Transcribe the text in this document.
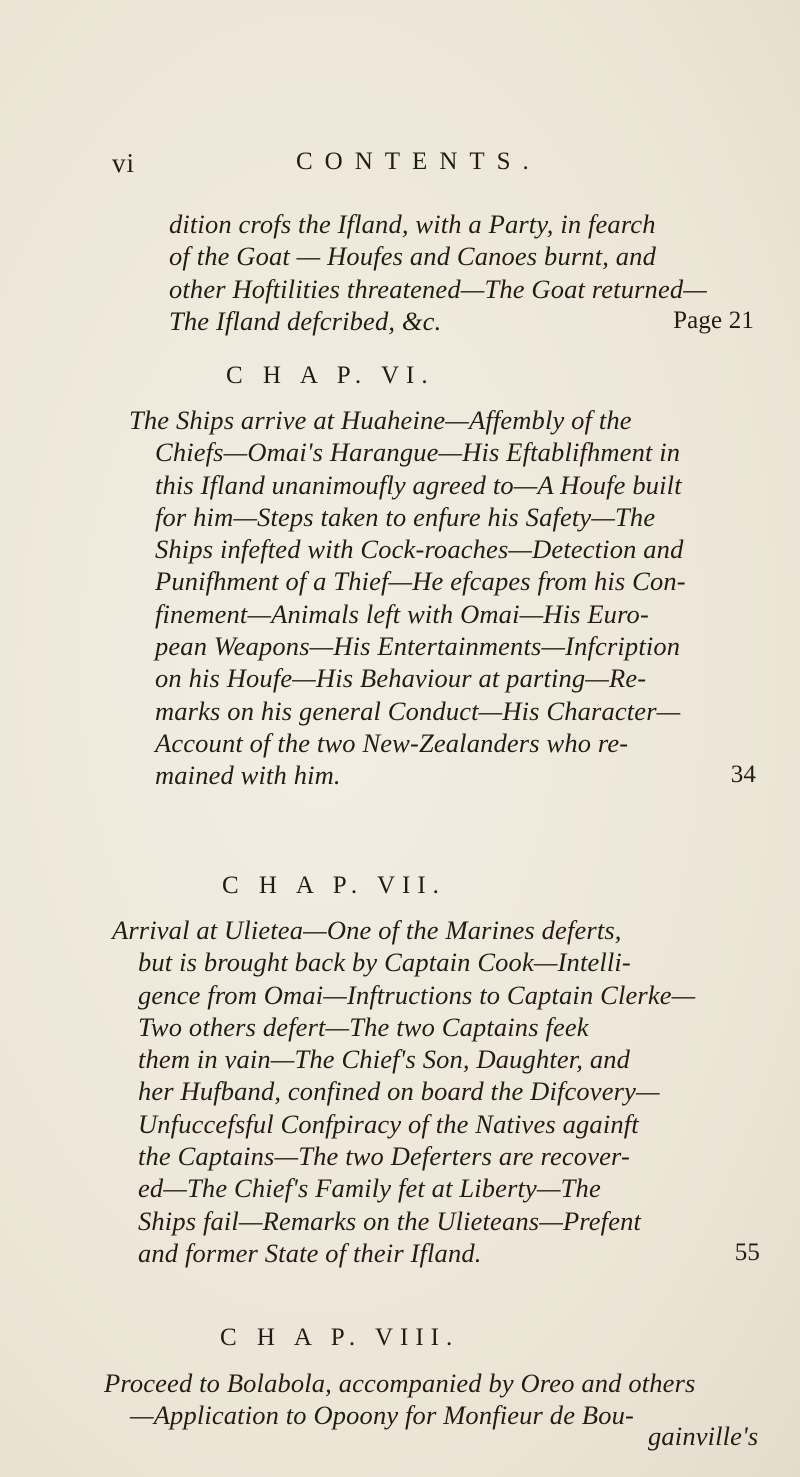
vi	CONTENTS.

dition crofs the Ifland, with a Party, in fearch
of the Goat — Houfes and Canoes burnt, and
other Hoftilities threatened—The Goat returned—
The Ifland defcribed, &c.	Page 21

C H A P. VI.

The Ships arrive at Huaheine—Affembly of the
Chiefs—Omai's Harangue—His Eftablifhment in
this Ifland unanimoufly agreed to—A Houfe built
for him—Steps taken to enfure his Safety—The
Ships infefted with Cock-roaches—Detection and
Punifhment of a Thief—He efcapes from his Con-
finement—Animals left with Omai—His Euro-
pean Weapons—His Entertainments—Infcription
on his Houfe—His Behaviour at parting—Re-
marks on his general Conduct—His Character—
Account of the two New-Zealanders who re-
mained with him.	34

C H A P. VII.

Arrival at Ulietea—One of the Marines deferts,
but is brought back by Captain Cook—Intelli-
gence from Omai—Inftructions to Captain Clerke—
Two others defert—The two Captains feek
them in vain—The Chief's Son, Daughter, and
her Hufband, confined on board the Difcovery—
Unfuccefsful Confpiracy of the Natives againft
the Captains—The two Deferters are recover-
ed—The Chief's Family fet at Liberty—The
Ships fail—Remarks on the Ulieteans—Prefent
and former State of their Ifland.	55

C H A P. VIII.

Proceed to Bolabola, accompanied by Oreo and others
—Application to Opoony for Monfieur de Bou-
gainville's
